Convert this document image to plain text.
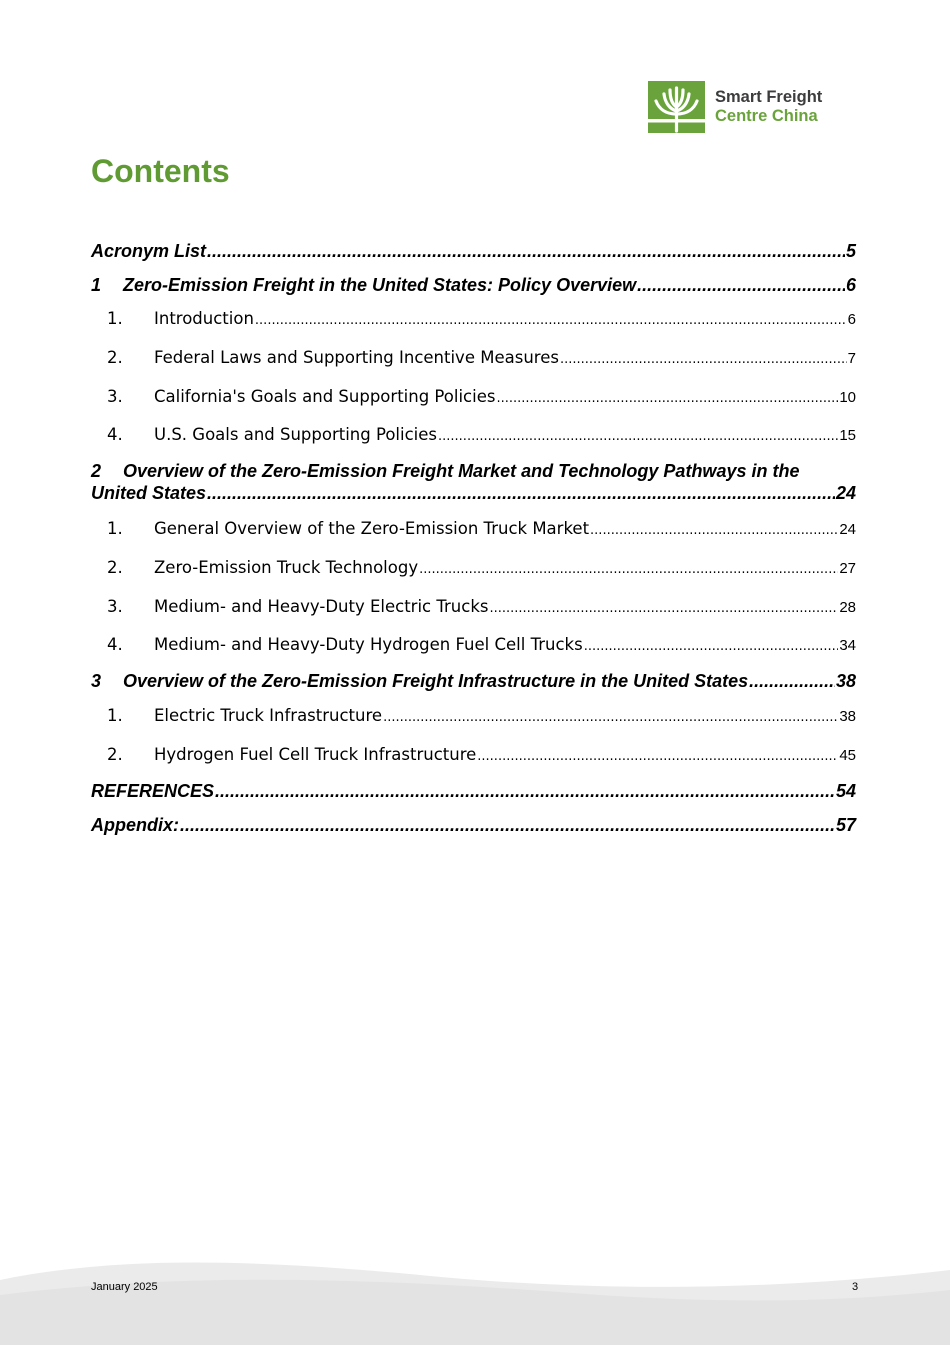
Smart Freight
Centre China
Contents
Acronym List .....	5
1	Zero-Emission Freight in the United States: Policy Overview .....	6
1.	Introduction .....	6
2.	Federal Laws and Supporting Incentive Measures .....	7
3.	California's Goals and Supporting Policies .....	10
4.	U.S. Goals and Supporting Policies .....	15
2 Overview of the Zero-Emission Freight Market and Technology Pathways in the
United States .....	24
1.	General Overview of the Zero-Emission Truck Market .....	24
2.	Zero-Emission Truck Technology .....	27
3.	Medium- and Heavy-Duty Electric Trucks .....	28
4.	Medium- and Heavy-Duty Hydrogen Fuel Cell Trucks .....	34
3	Overview of the Zero-Emission Freight Infrastructure in the United States .....	38
1.	Electric Truck Infrastructure .....	38
2.	Hydrogen Fuel Cell Truck Infrastructure .....	45
REFERENCES .....	54
Appendix: .....	57
January 2025	3
